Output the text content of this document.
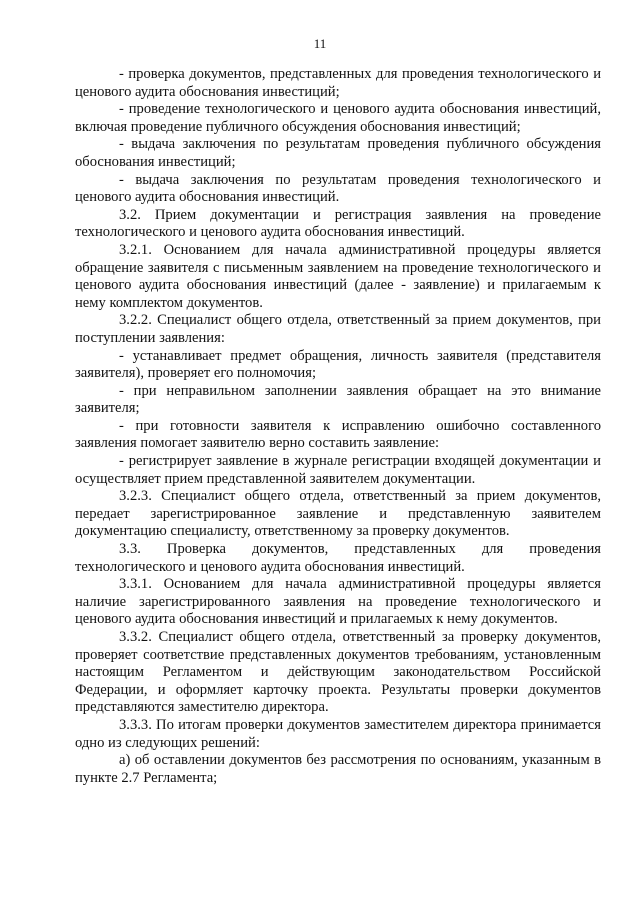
11

- проверка документов, представленных для проведения технологического и ценового аудита обоснования инвестиций;

- проведение технологического и ценового аудита обоснования инвестиций, включая проведение публичного обсуждения обоснования инвестиций;

- выдача заключения по результатам проведения публичного обсуждения обоснования инвестиций;

- выдача заключения по результатам проведения технологического и ценового аудита обоснования инвестиций.

3.2. Прием документации и регистрация заявления на проведение технологического и ценового аудита обоснования инвестиций.

3.2.1. Основанием для начала административной процедуры является обращение заявителя с письменным заявлением на проведение технологического и ценового аудита обоснования инвестиций (далее - заявление) и прилагаемым к нему комплектом документов.

3.2.2. Специалист общего отдела, ответственный за прием документов, при поступлении заявления:

- устанавливает предмет обращения, личность заявителя (представителя заявителя), проверяет его полномочия;

- при неправильном заполнении заявления обращает на это внимание заявителя;

- при готовности заявителя к исправлению ошибочно составленного заявления помогает заявителю верно составить заявление:

- регистрирует заявление в журнале регистрации входящей документации и осуществляет прием представленной заявителем документации.

3.2.3. Специалист общего отдела, ответственный за прием документов, передает зарегистрированное заявление и представленную заявителем документацию специалисту, ответственному за проверку документов.

3.3. Проверка документов, представленных для проведения технологического и ценового аудита обоснования инвестиций.

3.3.1. Основанием для начала административной процедуры является наличие зарегистрированного заявления на проведение технологического и ценового аудита обоснования инвестиций и прилагаемых к нему документов.

3.3.2. Специалист общего отдела, ответственный за проверку документов, проверяет соответствие представленных документов требованиям, установленным настоящим Регламентом и действующим законодательством Российской Федерации, и оформляет карточку проекта. Результаты проверки документов представляются заместителю директора.

3.3.3. По итогам проверки документов заместителем директора принимается одно из следующих решений:

а) об оставлении документов без рассмотрения по основаниям, указанным в пункте 2.7 Регламента;
